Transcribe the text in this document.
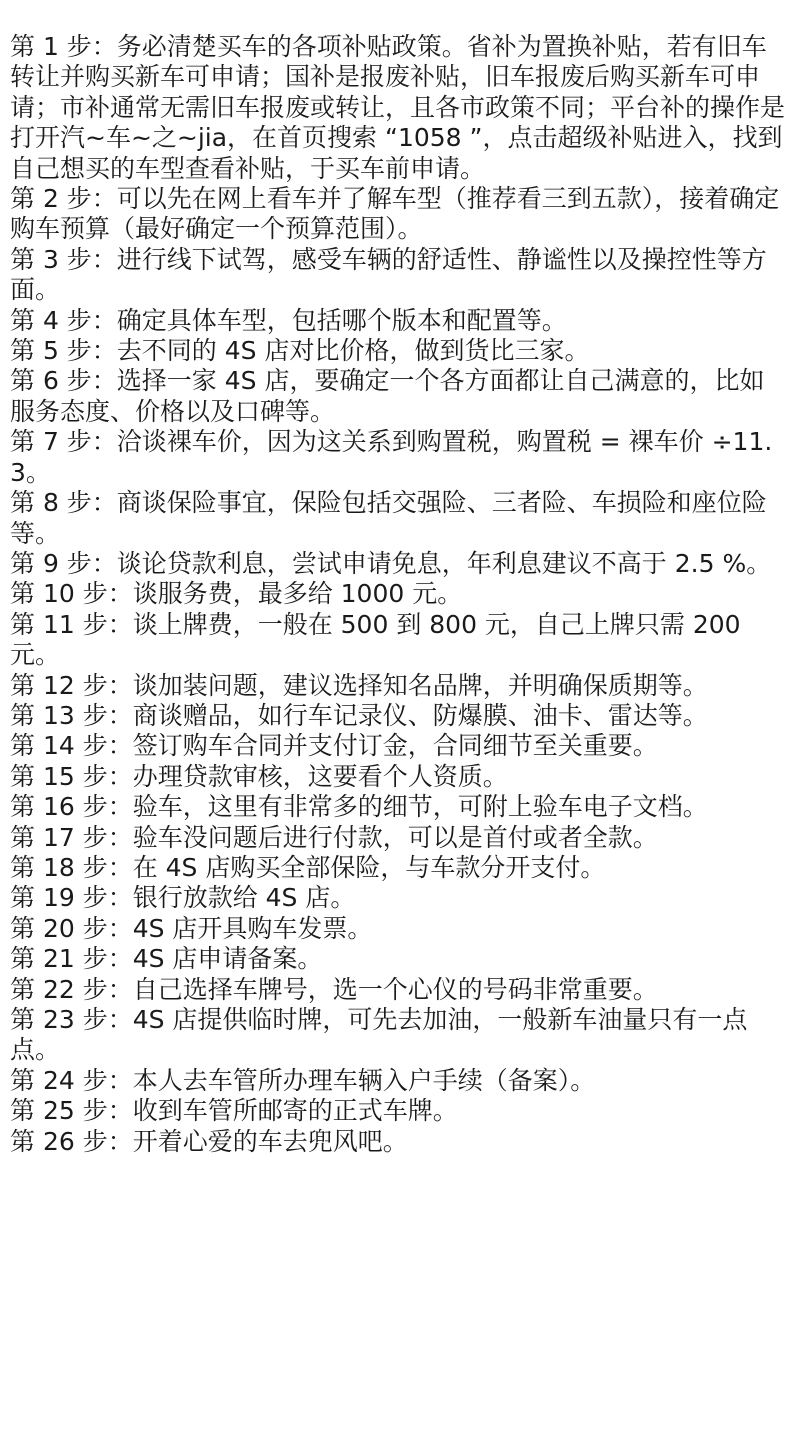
第 1 步：务必清楚买车的各项补贴政策。省补为置换补贴，若有旧车转让并购买新车可申请；国补是报废补贴，旧车报废后购买新车可申请；市补通常无需旧车报废或转让，且各市政策不同；平台补的操作是打开汽~车~之~jia，在首页搜索 “1058 ”，点击超级补贴进入，找到自己想买的车型查看补贴，于买车前申请。

第 2 步：可以先在网上看车并了解车型（推荐看三到五款），接着确定购车预算（最好确定一个预算范围）。

第 3 步：进行线下试驾，感受车辆的舒适性、静谧性以及操控性等方面。

第 4 步：确定具体车型，包括哪个版本和配置等。

第 5 步：去不同的 4S 店对比价格，做到货比三家。

第 6 步：选择一家 4S 店，要确定一个各方面都让自己满意的，比如服务态度、价格以及口碑等。

第 7 步：洽谈裸车价，因为这关系到购置税，购置税 = 裸车价 ÷11.3。

第 8 步：商谈保险事宜，保险包括交强险、三者险、车损险和座位险等。

第 9 步：谈论贷款利息，尝试申请免息，年利息建议不高于 2.5 %。

第 10 步：谈服务费，最多给 1000 元。

第 11 步：谈上牌费，一般在 500 到 800 元，自己上牌只需 200 元。

第 12 步：谈加装问题，建议选择知名品牌，并明确保质期等。

第 13 步：商谈赠品，如行车记录仪、防爆膜、油卡、雷达等。

第 14 步：签订购车合同并支付订金，合同细节至关重要。

第 15 步：办理贷款审核，这要看个人资质。

第 16 步：验车，这里有非常多的细节，可附上验车电子文档。

第 17 步：验车没问题后进行付款，可以是首付或者全款。

第 18 步：在 4S 店购买全部保险，与车款分开支付。

第 19 步：银行放款给 4S 店。

第 20 步：4S 店开具购车发票。

第 21 步：4S 店申请备案。

第 22 步：自己选择车牌号，选一个心仪的号码非常重要。

第 23 步：4S 店提供临时牌，可先去加油，一般新车油量只有一点点。

第 24 步：本人去车管所办理车辆入户手续（备案）。

第 25 步：收到车管所邮寄的正式车牌。

第 26 步：开着心爱的车去兜风吧。
